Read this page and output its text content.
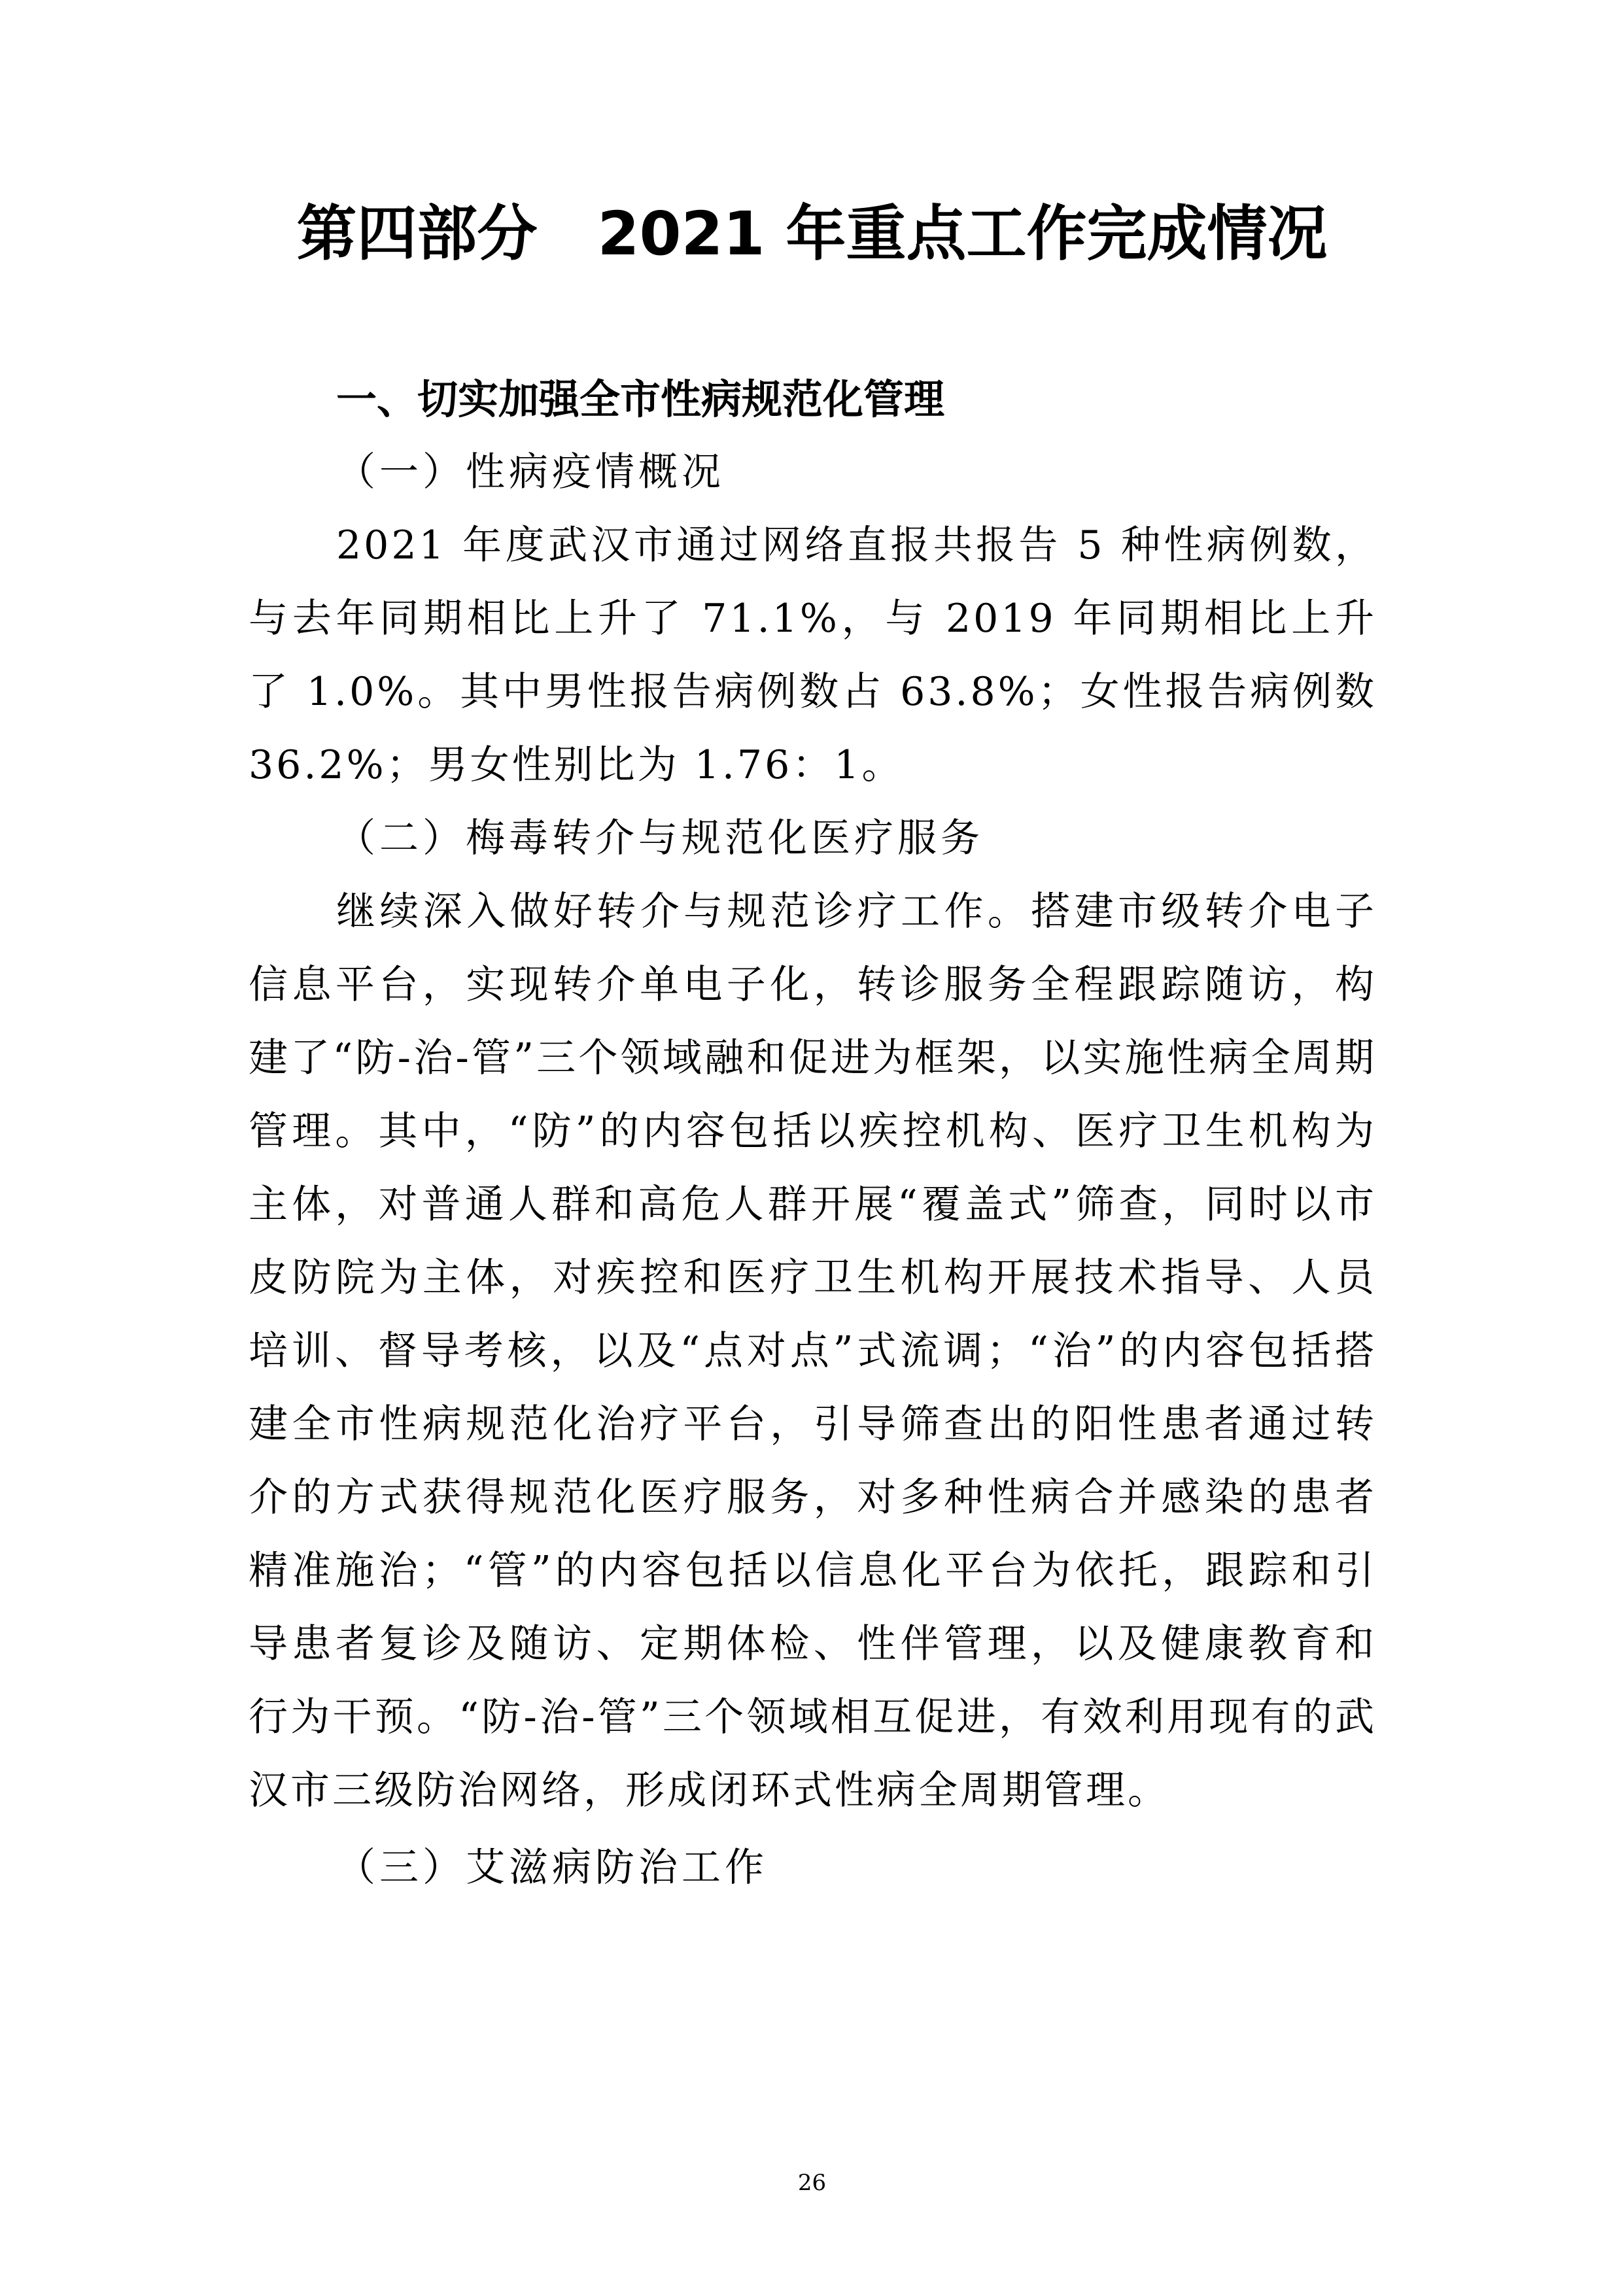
第四部分　2021 年重点工作完成情况
一、切实加强全市性病规范化管理
（一）性病疫情概况

2021 年度武汉市通过网络直报共报告 5 种性病例数，与去年同期相比上升了 71.1%，与 2019 年同期相比上升了 1.0%。其中男性报告病例数占 63.8%；女性报告病例数 36.2%；男女性别比为 1.76：1。

（二）梅毒转介与规范化医疗服务

继续深入做好转介与规范诊疗工作。搭建市级转介电子信息平台，实现转介单电子化，转诊服务全程跟踪随访，构建了“防-治-管”三个领域融和促进为框架，以实施性病全周期管理。其中，“防”的内容包括以疾控机构、医疗卫生机构为主体，对普通人群和高危人群开展“覆盖式”筛查，同时以市皮防院为主体，对疾控和医疗卫生机构开展技术指导、人员培训、督导考核，以及“点对点”式流调；“治”的内容包括搭建全市性病规范化治疗平台，引导筛查出的阳性患者通过转介的方式获得规范化医疗服务，对多种性病合并感染的患者精准施治；“管”的内容包括以信息化平台为依托，跟踪和引导患者复诊及随访、定期体检、性伴管理，以及健康教育和行为干预。“防-治-管”三个领域相互促进，有效利用现有的武汉市三级防治网络，形成闭环式性病全周期管理。

（三）艾滋病防治工作
26
